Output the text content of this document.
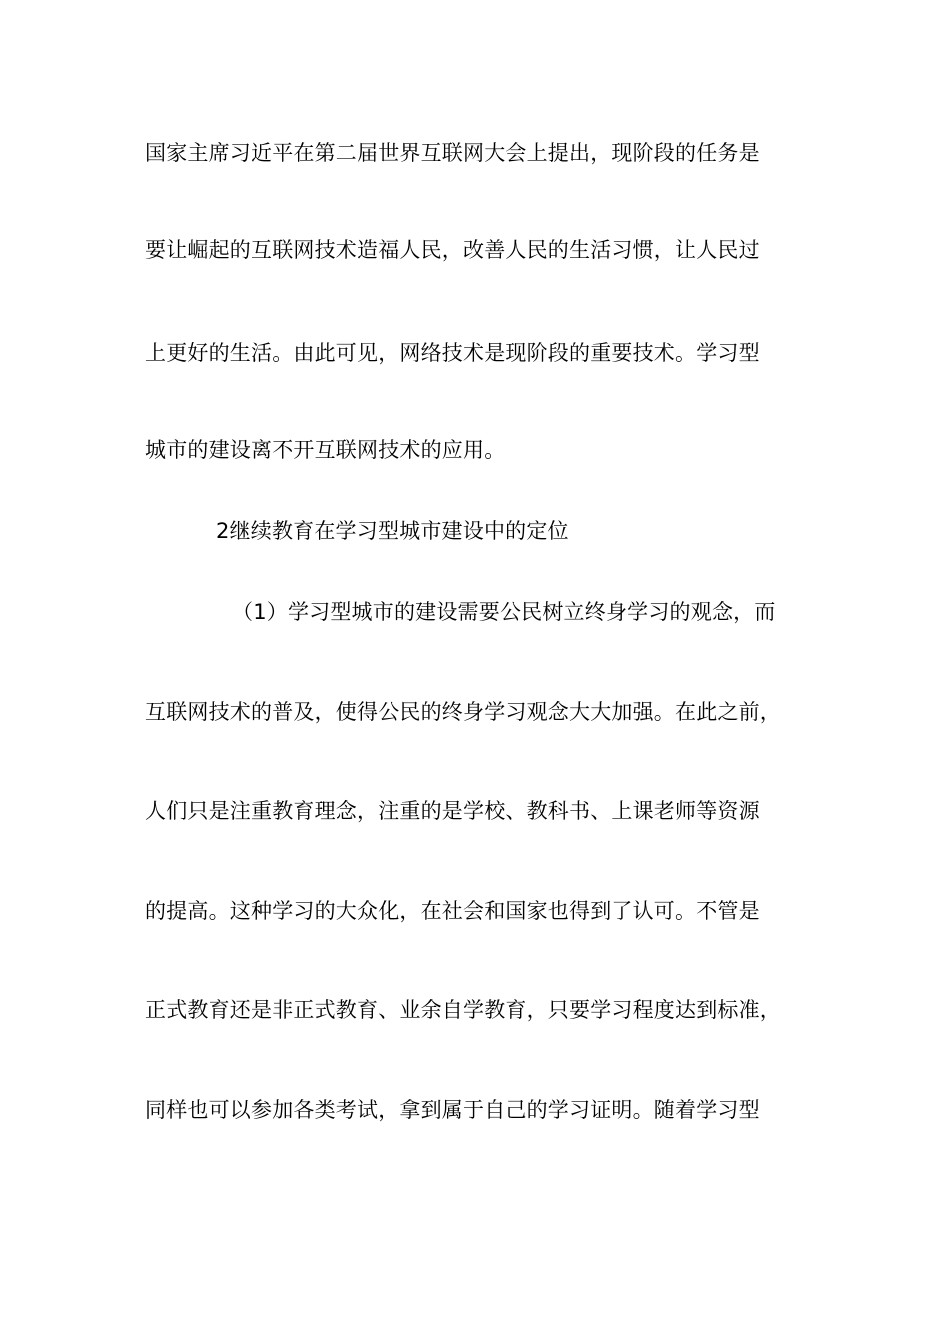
国家主席习近平在第二届世界互联网大会上提出，现阶段的任务是
要让崛起的互联网技术造福人民，改善人民的生活习惯，让人民过
上更好的生活。由此可见，网络技术是现阶段的重要技术。学习型
城市的建设离不开互联网技术的应用。
2继续教育在学习型城市建设中的定位
（1）学习型城市的建设需要公民树立终身学习的观念，而
互联网技术的普及，使得公民的终身学习观念大大加强。在此之前，
人们只是注重教育理念，注重的是学校、教科书、上课老师等资源
的提高。这种学习的大众化，在社会和国家也得到了认可。不管是
正式教育还是非正式教育、业余自学教育，只要学习程度达到标准，
同样也可以参加各类考试，拿到属于自己的学习证明。随着学习型
